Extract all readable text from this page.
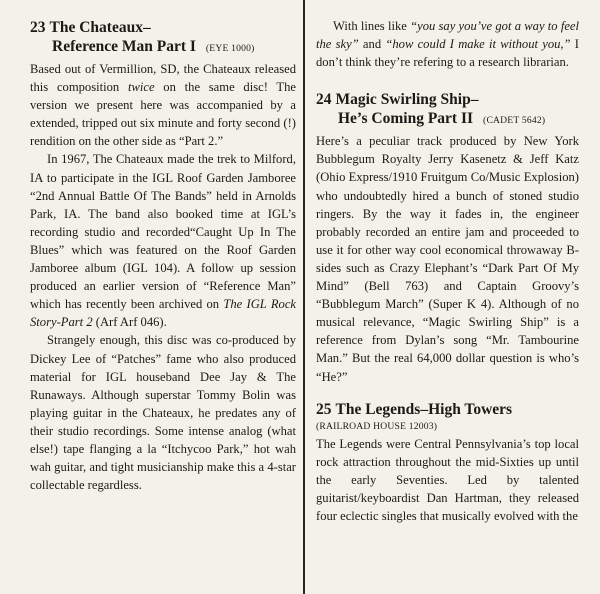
23 The Chateaux–
Reference Man Part I (EYE 1000)

Based out of Vermillion, SD, the Chateaux released this composition twice on the same disc! The version we present here was accompanied by a extended, tripped out six minute and forty second (!) rendition on the other side as “Part 2.”

In 1967, The Chateaux made the trek to Milford, IA to participate in the IGL Roof Garden Jamboree “2nd Annual Battle Of The Bands” held in Arnolds Park, IA. The band also booked time at IGL’s recording studio and recorded“Caught Up In The Blues” which was featured on the Roof Garden Jamboree album (IGL 104). A follow up session produced an earlier version of “Reference Man” which has recently been archived on The IGL Rock Story-Part 2 (Arf Arf 046).

Strangely enough, this disc was co-produced by Dickey Lee of “Patches” fame who also produced material for IGL houseband Dee Jay & The Runaways. Although superstar Tommy Bolin was playing guitar in the Chateaux, he predates any of their studio recordings. Some intense analog (what else!) tape flanging a la “Itchycoo Park,” hot wah wah guitar, and tight musicianship make this a 4-star collectable regardless.

With lines like “you say you’ve got a way to feel the sky” and “how could I make it without you,” I don’t think they’re refering to a research librarian.

24 Magic Swirling Ship–
He’s Coming Part II (CADET 5642)

Here’s a peculiar track produced by New York Bubblegum Royalty Jerry Kasenetz & Jeff Katz (Ohio Express/1910 Fruitgum Co/Music Explosion) who undoubtedly hired a bunch of stoned studio ringers. By the way it fades in, the engineer probably recorded an entire jam and proceeded to use it for other way cool economical throwaway B-sides such as Crazy Elephant’s “Dark Part Of My Mind” (Bell 763) and Captain Groovy’s “Bubblegum March” (Super K 4). Although of no musical relevance, “Magic Swirling Ship” is a reference from Dylan’s song “Mr. Tambourine Man.” But the real 64,000 dollar question is who’s “He?”

25 The Legends–High Towers
(RAILROAD HOUSE 12003)

The Legends were Central Pennsylvania’s top local rock attraction throughout the mid-Sixties up until the early Seventies. Led by talented guitarist/keyboardist Dan Hartman, they released four eclectic singles that musically evolved with the
